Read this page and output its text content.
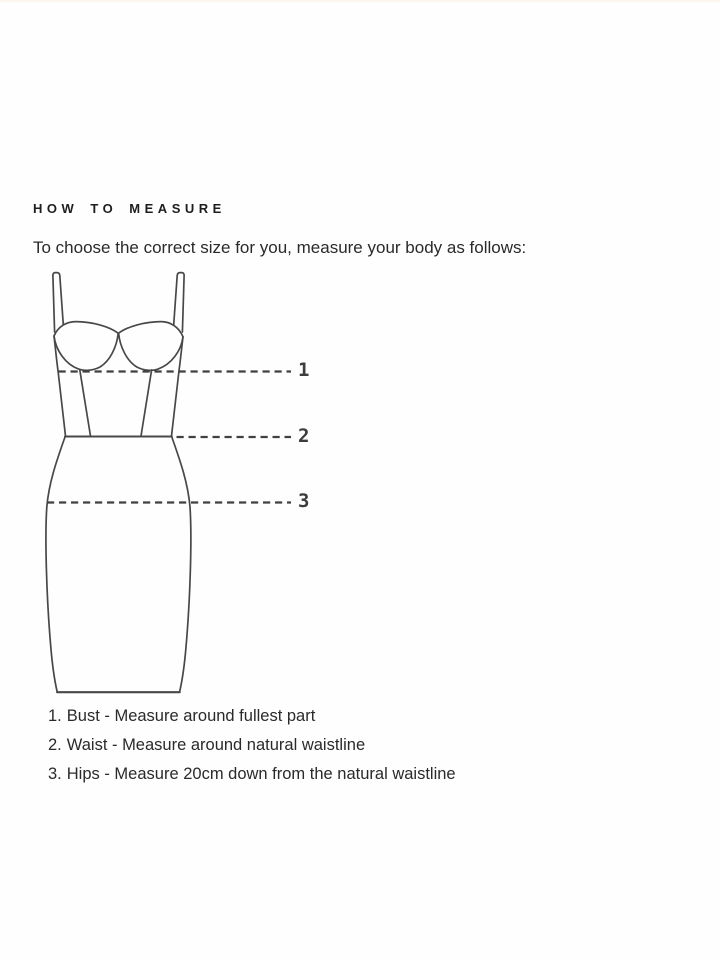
HOW TO MEASURE

To choose the correct size for you, measure your body as follows:

1
2
3
1. Bust - Measure around fullest part
2. Waist - Measure around natural waistline
3. Hips - Measure 20cm down from the natural waistline
